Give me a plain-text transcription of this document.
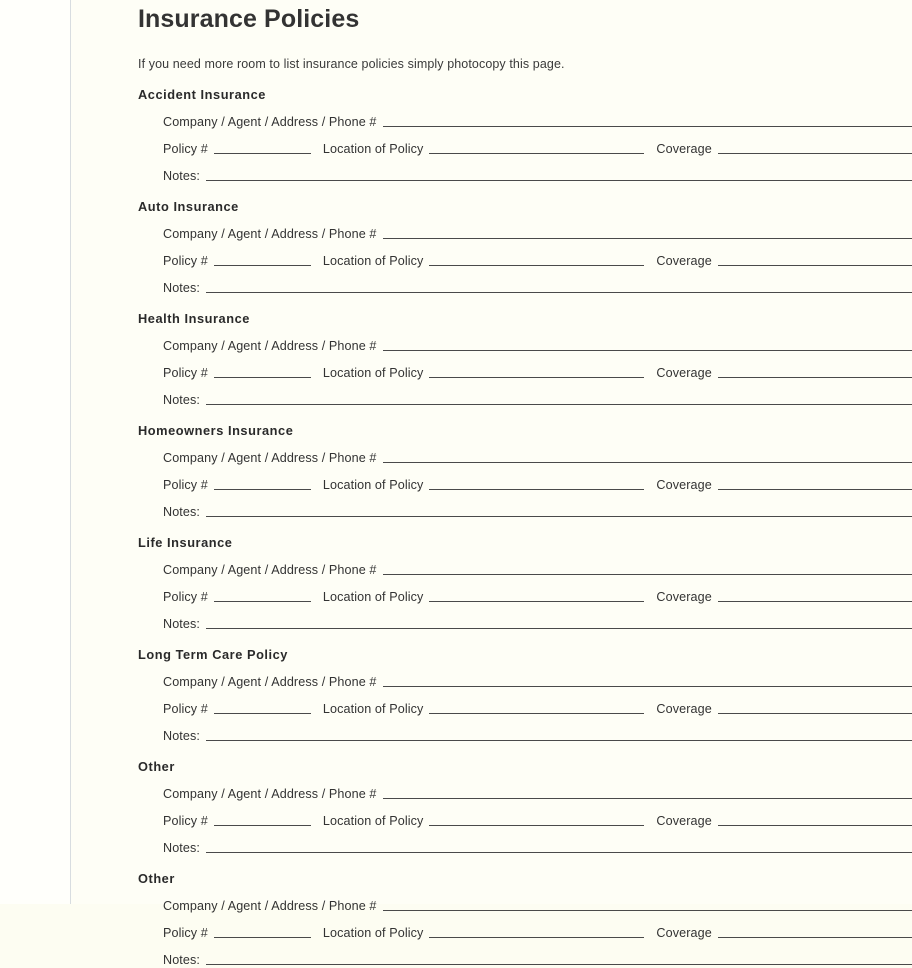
Insurance Policies

If you need more room to list insurance policies simply photocopy this page.

Accident Insurance
Company / Agent / Address / Phone #
Policy #	Location of Policy	Coverage
Notes:
Auto Insurance
Company / Agent / Address / Phone #
Policy #	Location of Policy	Coverage
Notes:
Health Insurance
Company / Agent / Address / Phone #
Policy #	Location of Policy	Coverage
Notes:
Homeowners Insurance
Company / Agent / Address / Phone #
Policy #	Location of Policy	Coverage
Notes:
Life Insurance
Company / Agent / Address / Phone #
Policy #	Location of Policy	Coverage
Notes:
Long Term Care Policy
Company / Agent / Address / Phone #
Policy #	Location of Policy	Coverage
Notes:
Other
Company / Agent / Address / Phone #
Policy #	Location of Policy	Coverage
Notes:
Other
Company / Agent / Address / Phone #
Policy #	Location of Policy	Coverage
Notes:
